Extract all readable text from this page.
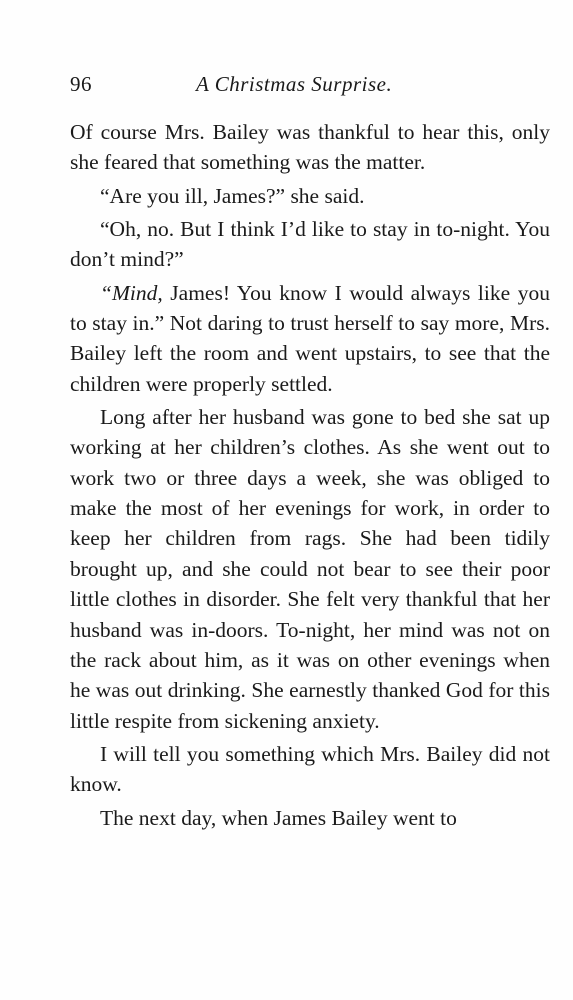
96	A Christmas Surprise.

Of course Mrs. Bailey was thankful to hear this, only she feared that something was the matter.

“Are you ill, James?” she said.

“Oh, no. But I think I’d like to stay in to-night. You don’t mind?”

“Mind, James! You know I would always like you to stay in.” Not daring to trust herself to say more, Mrs. Bailey left the room and went upstairs, to see that the children were properly settled.

Long after her husband was gone to bed she sat up working at her children’s clothes. As she went out to work two or three days a week, she was obliged to make the most of her evenings for work, in order to keep her children from rags. She had been tidily brought up, and she could not bear to see their poor little clothes in disorder. She felt very thankful that her husband was in-doors. To-night, her mind was not on the rack about him, as it was on other evenings when he was out drinking. She earnestly thanked God for this little respite from sickening anxiety.

I will tell you something which Mrs. Bailey did not know.

The next day, when James Bailey went to
